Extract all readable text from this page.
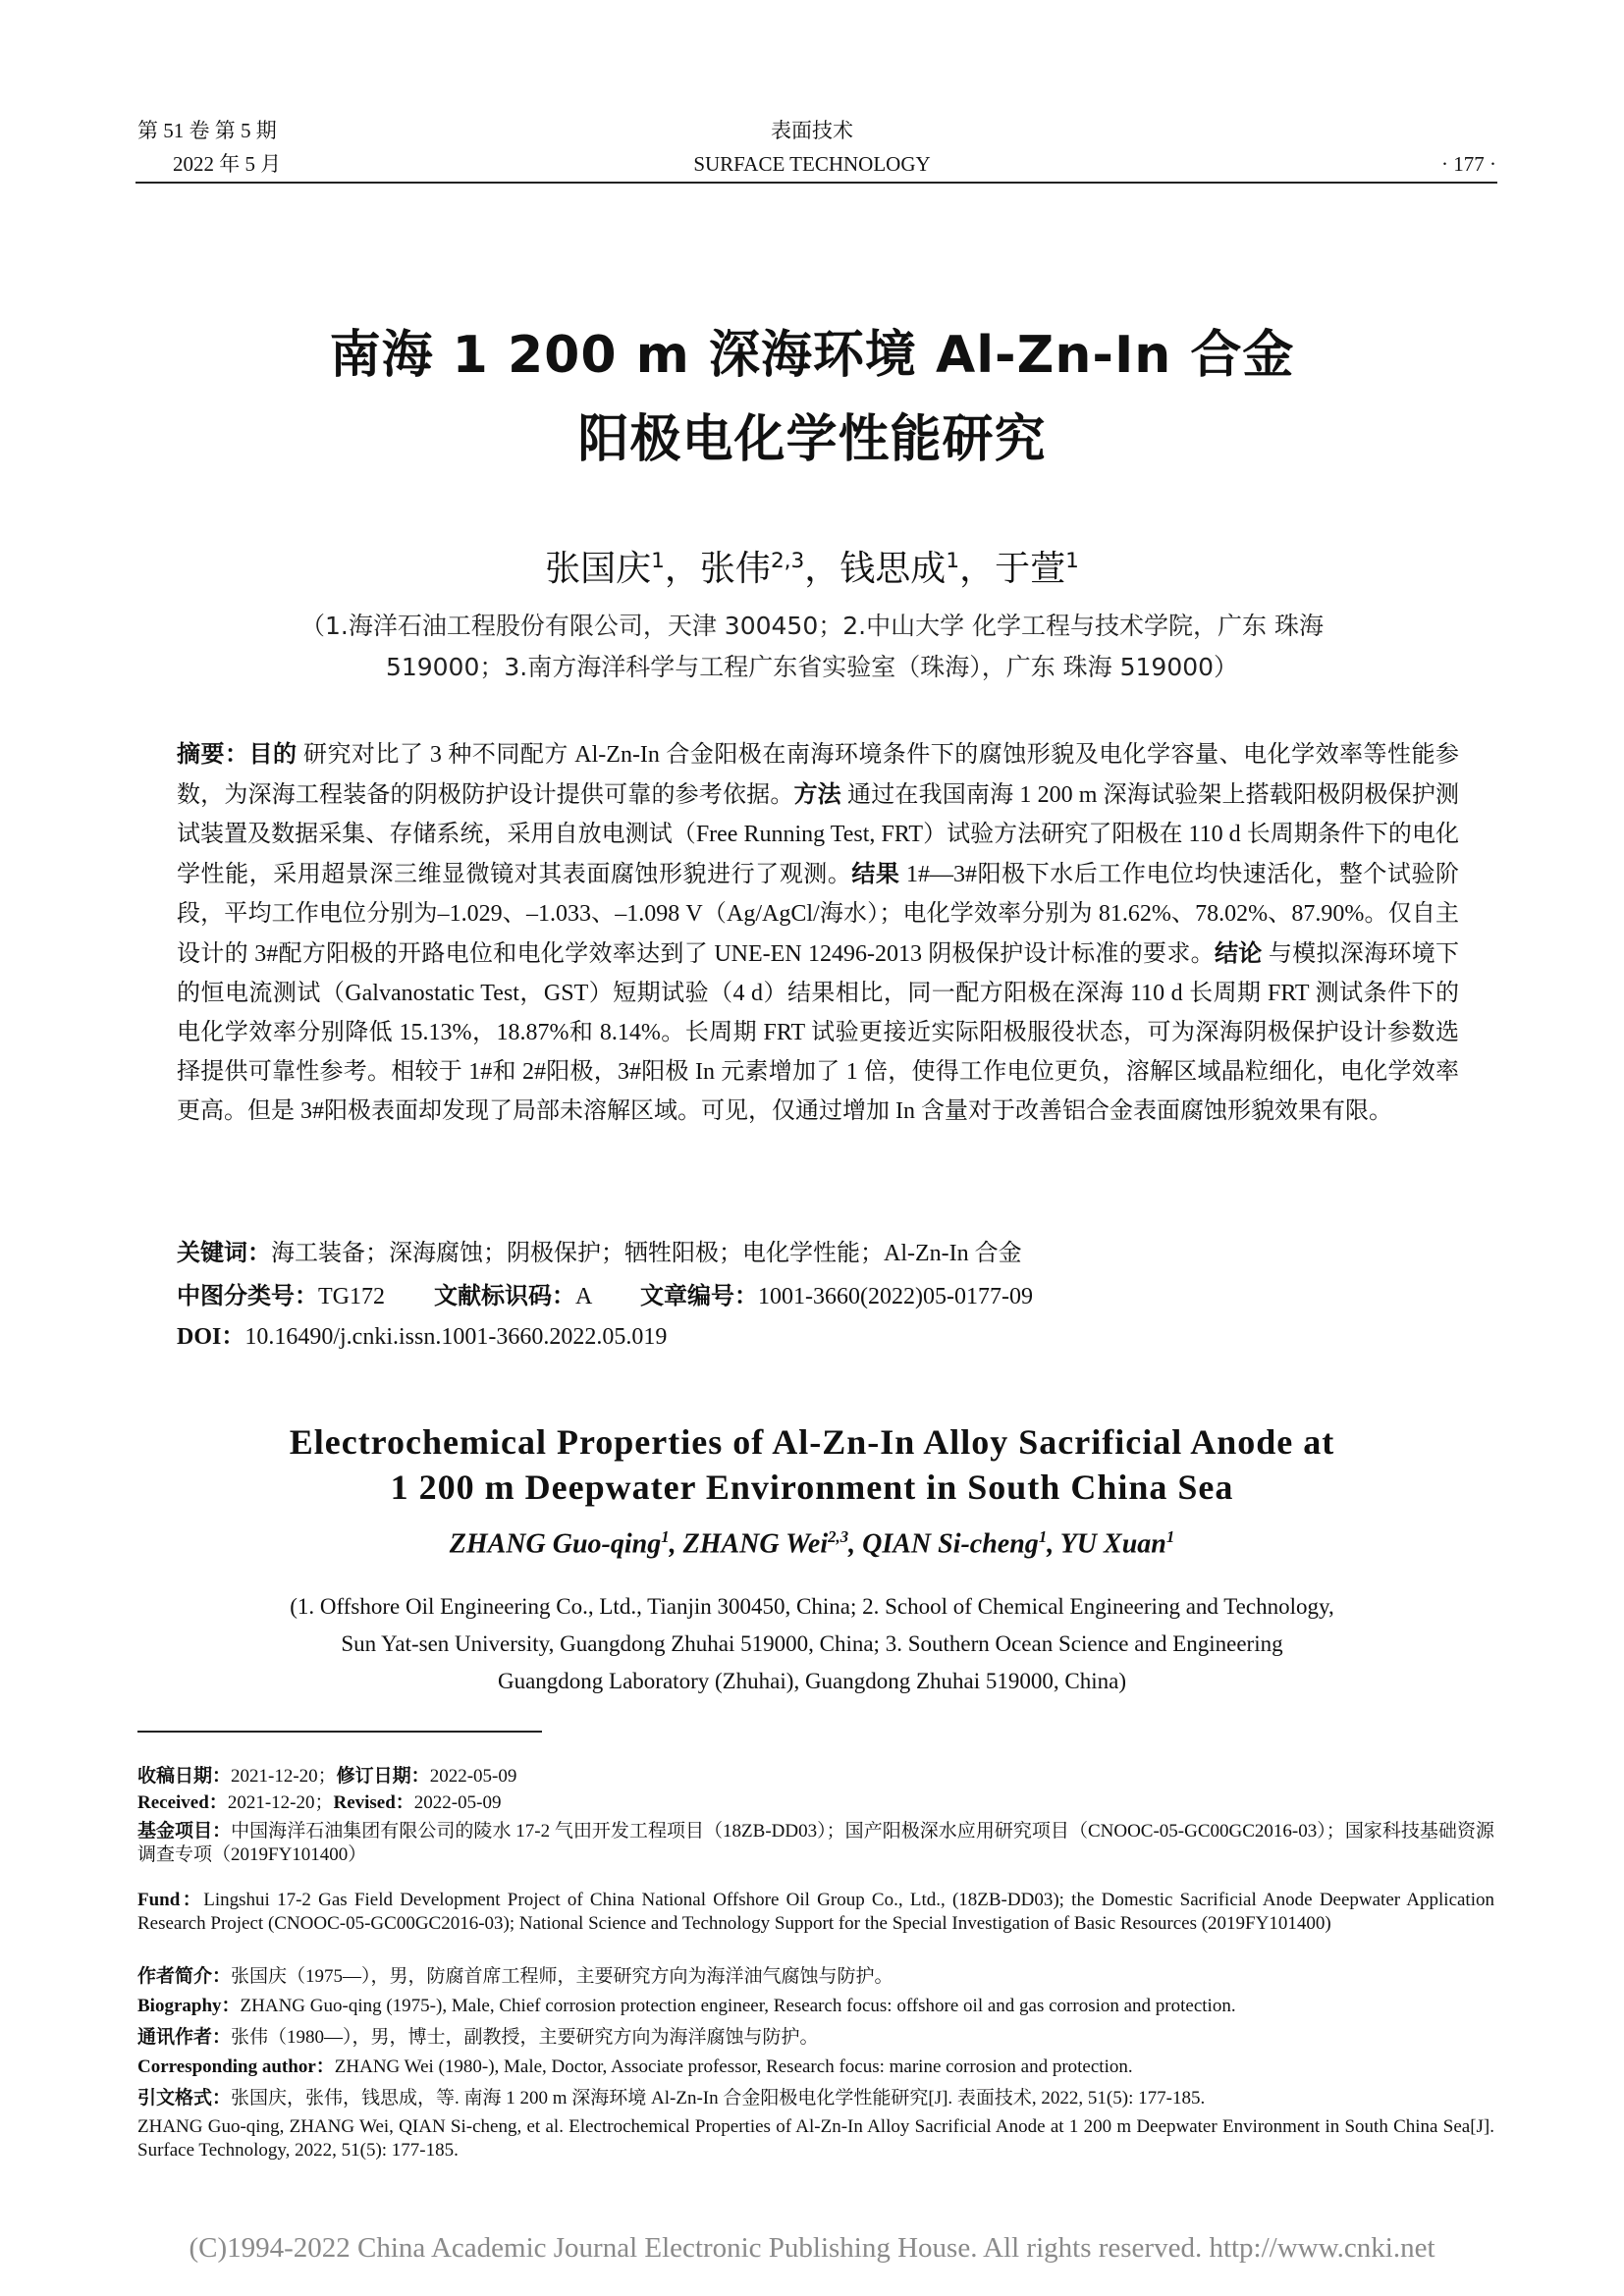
第 51 卷 第 5 期
2022 年 5 月
表面技术
SURFACE TECHNOLOGY	· 177 ·
南海 1 200 m 深海环境 Al-Zn-In 合金
阳极电化学性能研究
张国庆$^1$，张伟$^{2,3}$，钱思成$^1$，于萱$^1$
（1.海洋石油工程股份有限公司，天津 300450；2.中山大学 化学工程与技术学院，广东 珠海
519000；3.南方海洋科学与工程广东省实验室（珠海），广东 珠海 519000）
摘要：目的 研究对比了 3 种不同配方 Al-Zn-In 合金阳极在南海环境条件下的腐蚀形貌及电化学容量、电化学效率等性能参数，为深海工程装备的阴极防护设计提供可靠的参考依据。方法 通过在我国南海 1 200 m 深海试验架上搭载阳极阴极保护测试装置及数据采集、存储系统，采用自放电测试（Free Running Test, FRT）试验方法研究了阳极在 110 d 长周期条件下的电化学性能，采用超景深三维显微镜对其表面腐蚀形貌进行了观测。结果 1#—3#阳极下水后工作电位均快速活化，整个试验阶段，平均工作电位分别为–1.029、–1.033、–1.098 V（Ag/AgCl/海水）；电化学效率分别为 81.62%、78.02%、87.90%。仅自主设计的 3#配方阳极的开路电位和电化学效率达到了 UNE-EN 12496-2013 阴极保护设计标准的要求。结论 与模拟深海环境下的恒电流测试（Galvanostatic Test，GST）短期试验（4 d）结果相比，同一配方阳极在深海 110 d 长周期 FRT 测试条件下的电化学效率分别降低 15.13%，18.87%和 8.14%。长周期 FRT 试验更接近实际阳极服役状态，可为深海阴极保护设计参数选择提供可靠性参考。相较于 1#和 2#阳极，3#阳极 In 元素增加了 1 倍，使得工作电位更负，溶解区域晶粒细化，电化学效率更高。但是 3#阳极表面却发现了局部未溶解区域。可见，仅通过增加 In 含量对于改善铝合金表面腐蚀形貌效果有限。
关键词：海工装备；深海腐蚀；阴极保护；牺牲阳极；电化学性能；Al-Zn-In 合金
中图分类号：TG172 文献标识码：A 文章编号：1001-3660(2022)05-0177-09
DOI：10.16490/j.cnki.issn.1001-3660.2022.05.019
Electrochemical Properties of Al-Zn-In Alloy Sacrificial Anode at
1 200 m Deepwater Environment in South China Sea
ZHANG Guo-qing$^1$, ZHANG Wei$^{2,3}$, QIAN Si-cheng$^1$, YU Xuan$^1$
(1. Offshore Oil Engineering Co., Ltd., Tianjin 300450, China; 2. School of Chemical Engineering and Technology,
Sun Yat-sen University, Guangdong Zhuhai 519000, China; 3. Southern Ocean Science and Engineering
Guangdong Laboratory (Zhuhai), Guangdong Zhuhai 519000, China)
收稿日期：2021-12-20；修订日期：2022-05-09
Received：2021-12-20；Revised：2022-05-09
基金项目：中国海洋石油集团有限公司的陵水 17-2 气田开发工程项目（18ZB-DD03）；国产阳极深水应用研究项目（CNOOC-05-GC00GC2016-03）；国家科技基础资源调查专项（2019FY101400）
Fund：Lingshui 17-2 Gas Field Development Project of China National Offshore Oil Group Co., Ltd., (18ZB-DD03); the Domestic Sacrificial Anode Deepwater Application Research Project (CNOOC-05-GC00GC2016-03); National Science and Technology Support for the Special Investigation of Basic Resources (2019FY101400)
作者简介：张国庆（1975—），男，防腐首席工程师，主要研究方向为海洋油气腐蚀与防护。
Biography：ZHANG Guo-qing (1975-), Male, Chief corrosion protection engineer, Research focus: offshore oil and gas corrosion and protection.
通讯作者：张伟（1980—），男，博士，副教授，主要研究方向为海洋腐蚀与防护。
Corresponding author：ZHANG Wei (1980-), Male, Doctor, Associate professor, Research focus: marine corrosion and protection.
引文格式：张国庆，张伟，钱思成，等. 南海 1 200 m 深海环境 Al-Zn-In 合金阳极电化学性能研究[J]. 表面技术, 2022, 51(5): 177-185.
ZHANG Guo-qing, ZHANG Wei, QIAN Si-cheng, et al. Electrochemical Properties of Al-Zn-In Alloy Sacrificial Anode at 1 200 m Deepwater Environment in South China Sea[J]. Surface Technology, 2022, 51(5): 177-185.
(C)1994-2022 China Academic Journal Electronic Publishing House. All rights reserved. http://www.cnki.net
